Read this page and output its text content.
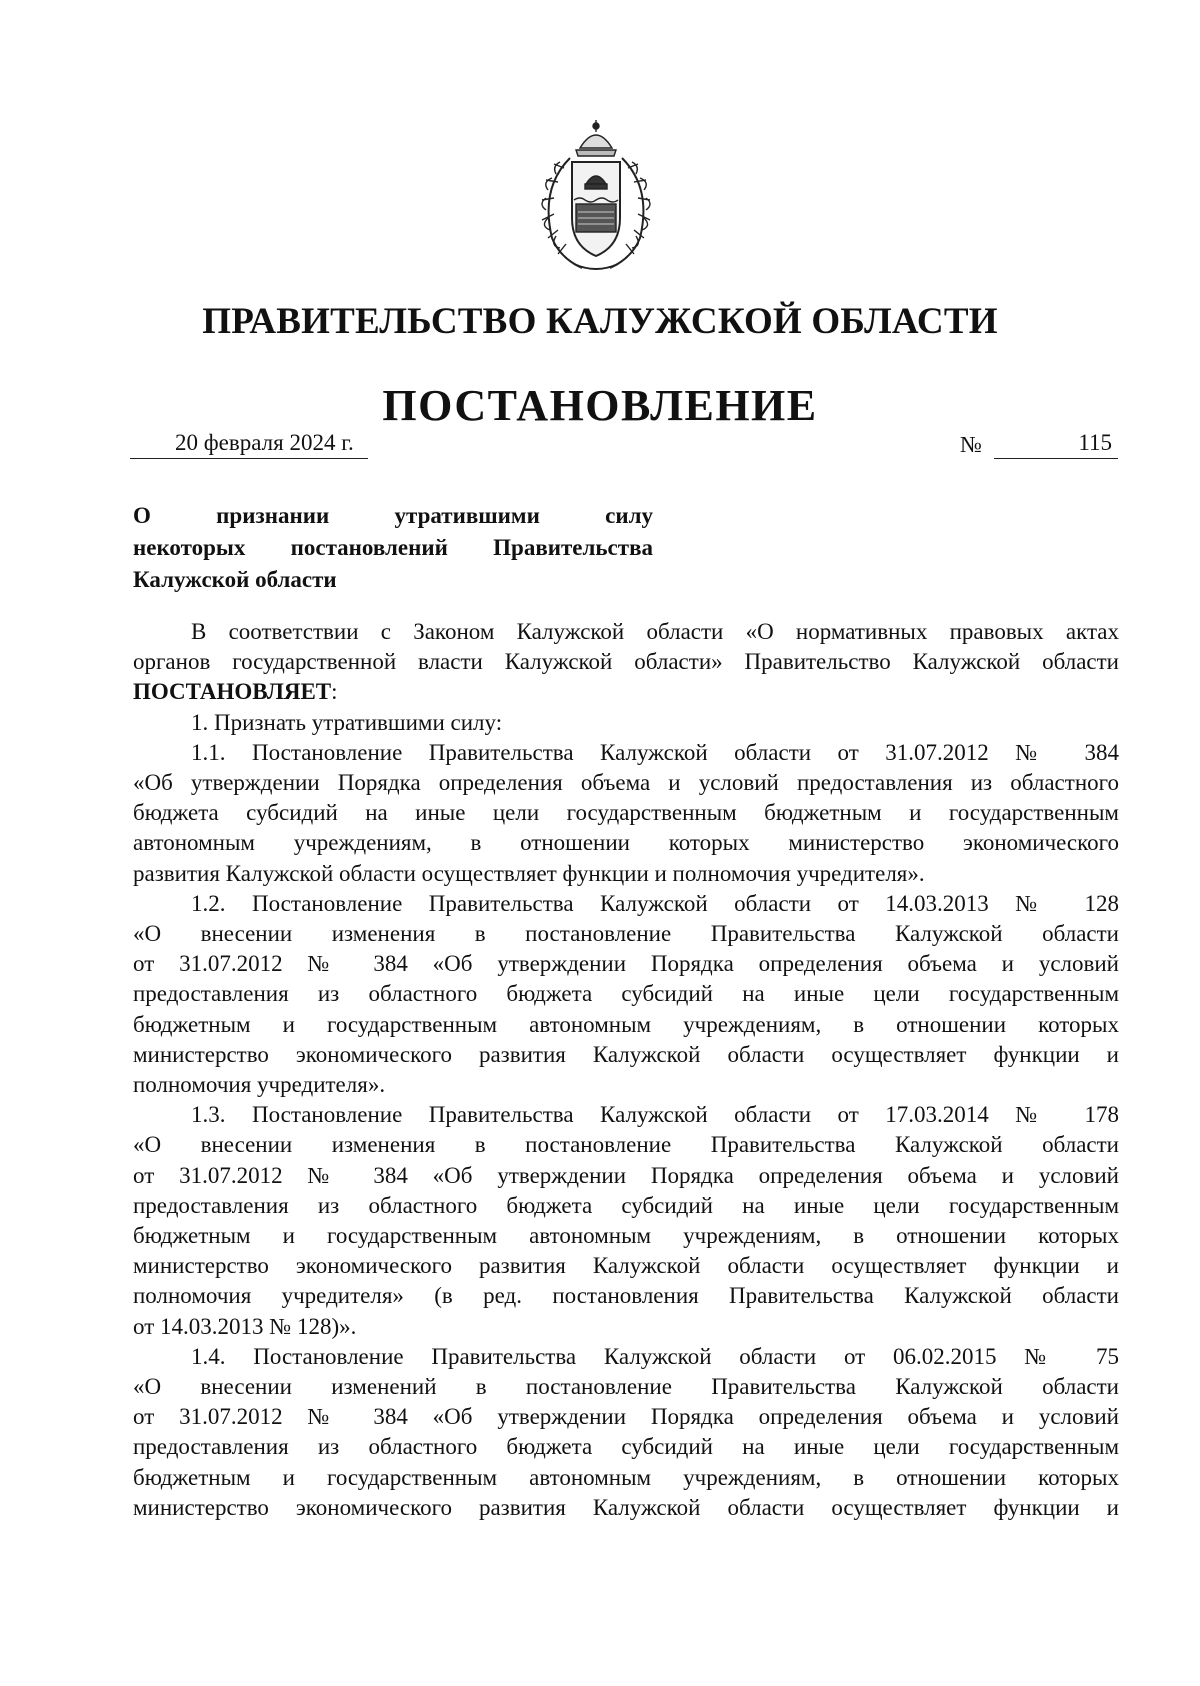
ПРАВИТЕЛЬСТВО КАЛУЖСКОЙ ОБЛАСТИ
ПОСТАНОВЛЕНИЕ
20 февраля 2024 г.	№	115
О признании утратившими силу
некоторых постановлений Правительства
Калужской области
В соответствии с Законом Калужской области «О нормативных правовых актах
органов государственной власти Калужской области» Правительство Калужской области
ПОСТАНОВЛЯЕТ:
1. Признать утратившими силу:
1.1. Постановление Правительства Калужской области от 31.07.2012 № 384
«Об утверждении Порядка определения объема и условий предоставления из областного
бюджета субсидий на иные цели государственным бюджетным и государственным
автономным учреждениям, в отношении которых министерство экономического
развития Калужской области осуществляет функции и полномочия учредителя».
1.2. Постановление Правительства Калужской области от 14.03.2013 № 128
«О внесении изменения в постановление Правительства Калужской области
от 31.07.2012 № 384 «Об утверждении Порядка определения объема и условий
предоставления из областного бюджета субсидий на иные цели государственным
бюджетным и государственным автономным учреждениям, в отношении которых
министерство экономического развития Калужской области осуществляет функции и
полномочия учредителя».
1.3. Постановление Правительства Калужской области от 17.03.2014 № 178
«О внесении изменения в постановление Правительства Калужской области
от 31.07.2012 № 384 «Об утверждении Порядка определения объема и условий
предоставления из областного бюджета субсидий на иные цели государственным
бюджетным и государственным автономным учреждениям, в отношении которых
министерство экономического развития Калужской области осуществляет функции и
полномочия учредителя» (в ред. постановления Правительства Калужской области
от 14.03.2013 № 128)».
1.4. Постановление Правительства Калужской области от 06.02.2015 № 75
«О внесении изменений в постановление Правительства Калужской области
от 31.07.2012 № 384 «Об утверждении Порядка определения объема и условий
предоставления из областного бюджета субсидий на иные цели государственным
бюджетным и государственным автономным учреждениям, в отношении которых
министерство экономического развития Калужской области осуществляет функции и
